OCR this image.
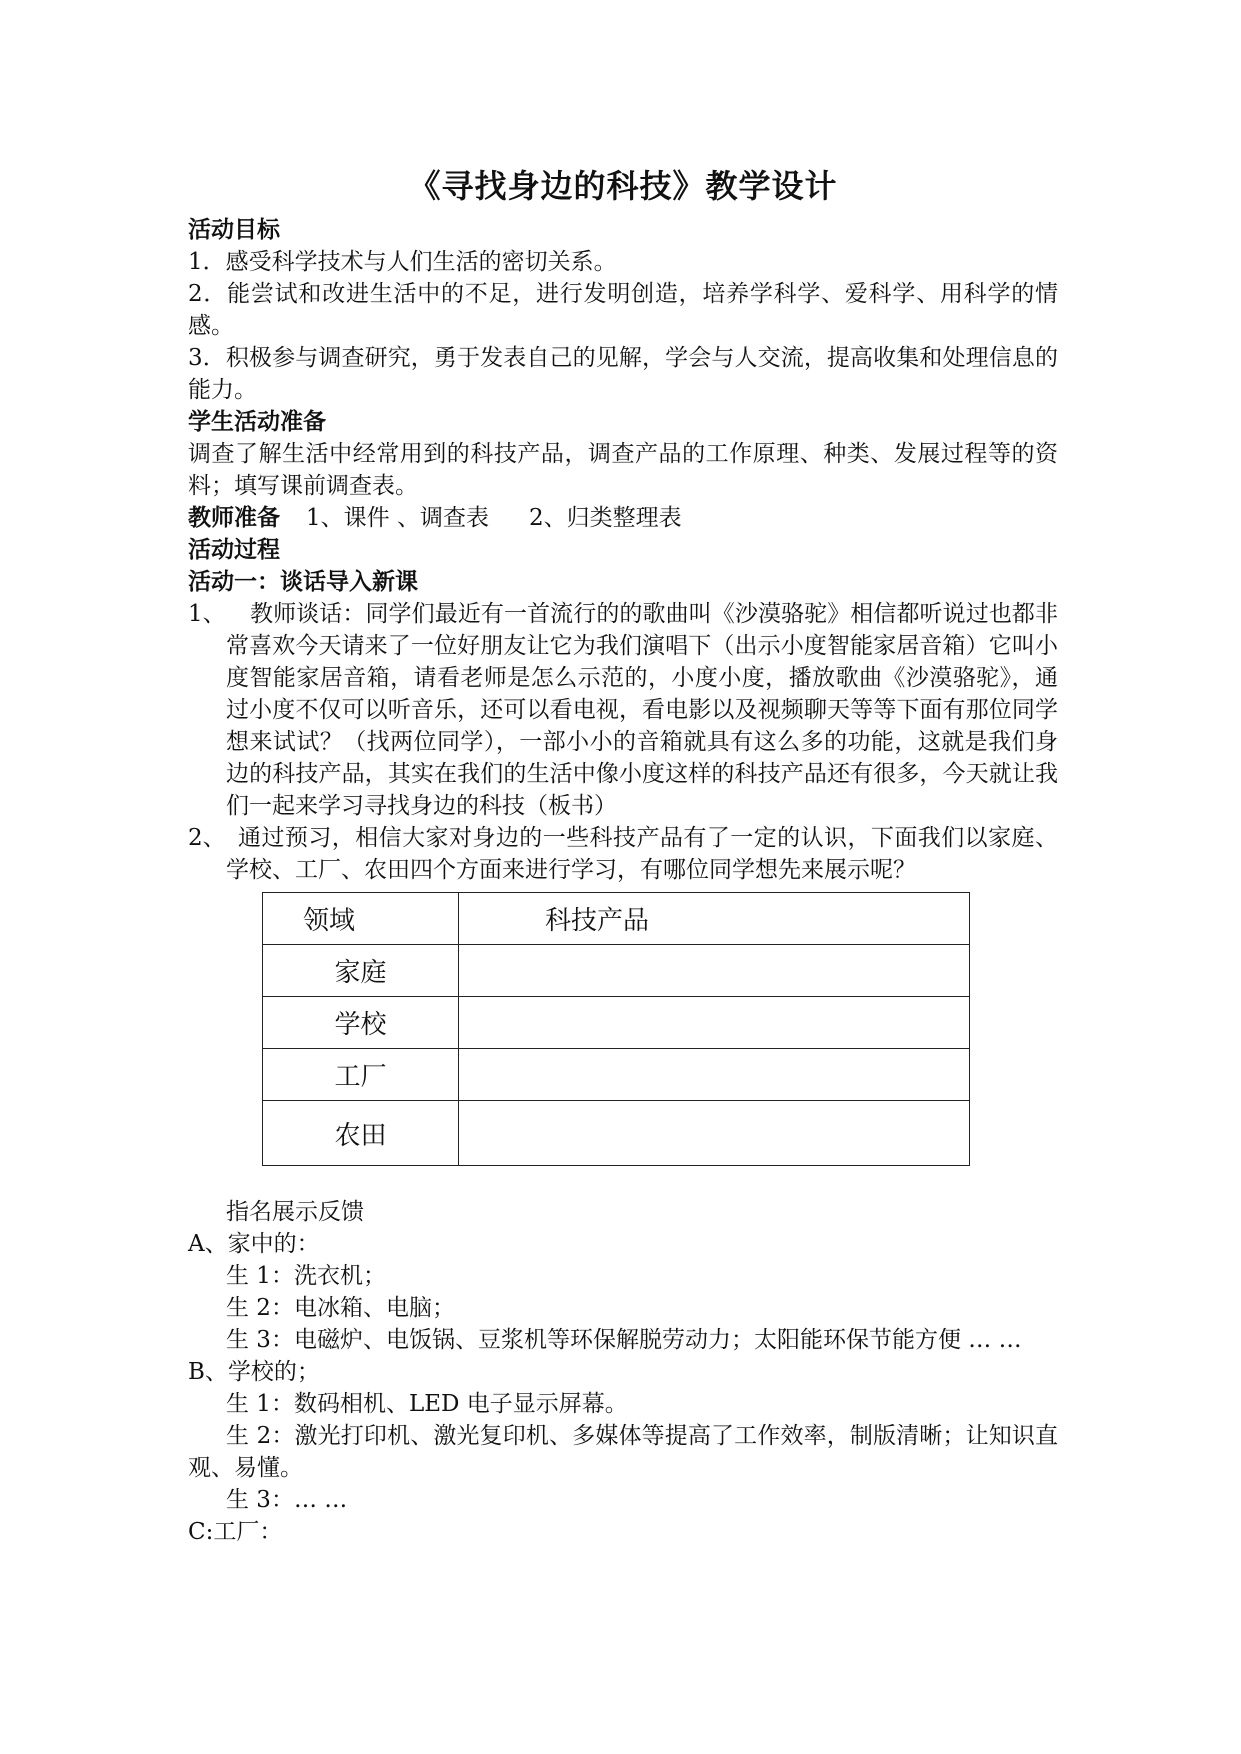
《寻找身边的科技》教学设计

活动目标

1．感受科学技术与人们生活的密切关系。

2．能尝试和改进生活中的不足，进行发明创造，培养学科学、爱科学、用科学的情感。

3．积极参与调查研究，勇于发表自己的见解，学会与人交流，提高收集和处理信息的能力。

学生活动准备

调查了解生活中经常用到的科技产品，调查产品的工作原理、种类、发展过程等的资料；填写课前调查表。

教师准备 1、课件 、调查表 2、归类整理表

活动过程

活动一：谈话导入新课

1、	教师谈话：同学们最近有一首流行的的歌曲叫《沙漠骆驼》相信都听说过也都非常喜欢今天请来了一位好朋友让它为我们演唱下（出示小度智能家居音箱）它叫小度智能家居音箱，请看老师是怎么示范的，小度小度，播放歌曲《沙漠骆驼》，通过小度不仅可以听音乐，还可以看电视，看电影以及视频聊天等等下面有那位同学想来试试？（找两位同学），一部小小的音箱就具有这么多的功能，这就是我们身边的科技产品，其实在我们的生活中像小度这样的科技产品还有很多，今天就让我们一起来学习寻找身边的科技（板书）
2、 通过预习，相信大家对身边的一些科技产品有了一定的认识，下面我们以家庭、学校、工厂、农田四个方面来进行学习，有哪位同学想先来展示呢？
领域	科技产品
家庭	
学校	
工厂	
农田	

指名展示反馈

A、家中的：

生 1：洗衣机；

生 2：电冰箱、电脑；

生 3：电磁炉、电饭锅、豆浆机等环保解脱劳动力；太阳能环保节能方便 … …

B、学校的；

生 1：数码相机、LED 电子显示屏幕。

生 2：激光打印机、激光复印机、多媒体等提高了工作效率，制版清晰；让知识直观、易懂。

生 3：… …

C:工厂：
